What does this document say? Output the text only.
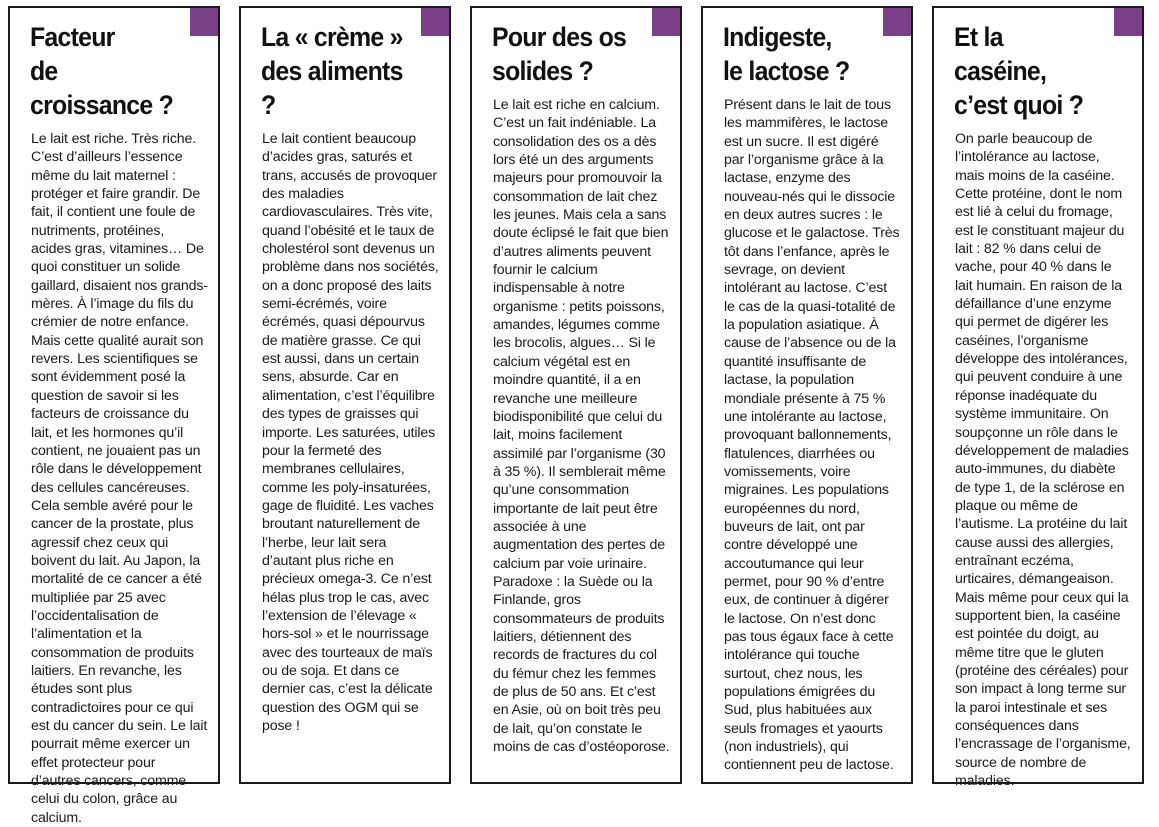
Facteur
de croissance ?
Le lait est riche. Très riche. C’est d’ailleurs l’essence même du lait maternel : protéger et faire grandir. De fait, il contient une foule de nutriments, protéines, acides gras, vitamines… De quoi constituer un solide gaillard, disaient nos grands-mères. À l’image du fils du crémier de notre enfance. Mais cette qualité aurait son revers. Les scientifiques se sont évidemment posé la question de savoir si les facteurs de croissance du lait, et les hormones qu’il contient, ne jouaient pas un rôle dans le développement des cellules cancéreuses. Cela semble avéré pour le cancer de la prostate, plus agressif chez ceux qui boivent du lait. Au Japon, la mortalité de ce cancer a été multipliée par 25 avec l’occidentalisation de l’alimentation et la consommation de produits laitiers. En revanche, les études sont plus contradictoires pour ce qui est du cancer du sein. Le lait pourrait même exercer un effet protecteur pour d’autres cancers, comme celui du colon, grâce au calcium.
La « crème »
des aliments ?
Le lait contient beaucoup d’acides gras, saturés et trans, accusés de provoquer des maladies cardiovasculaires. Très vite, quand l’obésité et le taux de cholestérol sont devenus un problème dans nos sociétés, on a donc proposé des laits semi-écrémés, voire écrémés, quasi dépourvus de matière grasse. Ce qui est aussi, dans un certain sens, absurde. Car en alimentation, c’est l’équilibre des types de graisses qui importe. Les saturées, utiles pour la fermeté des membranes cellulaires, comme les poly-insaturées, gage de fluidité. Les vaches broutant naturellement de l’herbe, leur lait sera d’autant plus riche en précieux omega-3. Ce n’est hélas plus trop le cas, avec l’extension de l’élevage « hors-sol » et le nourrissage avec des tourteaux de maïs ou de soja. Et dans ce dernier cas, c’est la délicate question des OGM qui se pose !
Pour des os
solides ?
Le lait est riche en calcium. C’est un fait indéniable. La consolidation des os a dès lors été un des arguments majeurs pour promouvoir la consommation de lait chez les jeunes. Mais cela a sans doute éclipsé le fait que bien d’autres aliments peuvent fournir le calcium indispensable à notre organisme : petits poissons, amandes, légumes comme les brocolis, algues… Si le calcium végétal est en moindre quantité, il a en revanche une meilleure biodisponibilité que celui du lait, moins facilement assimilé par l’organisme (30 à 35 %). Il semblerait même qu’une consommation importante de lait peut être associée à une augmentation des pertes de calcium par voie urinaire. Paradoxe : la Suède ou la Finlande, gros consommateurs de produits laitiers, détiennent des records de fractures du col du fémur chez les femmes de plus de 50 ans. Et c’est en Asie, où on boit très peu de lait, qu’on constate le moins de cas d’ostéoporose.
Indigeste,
le lactose ?
Présent dans le lait de tous les mammifères, le lactose est un sucre. Il est digéré par l’organisme grâce à la lactase, enzyme des nouveau-nés qui le dissocie en deux autres sucres : le glucose et le galactose. Très tôt dans l’enfance, après le sevrage, on devient intolérant au lactose. C’est le cas de la quasi-totalité de la population asiatique. À cause de l’absence ou de la quantité insuffisante de lactase, la population mondiale présente à 75 % une intolérante au lactose, provoquant ballonnements, flatulences, diarrhées ou vomissements, voire migraines. Les populations européennes du nord, buveurs de lait, ont par contre développé une accoutumance qui leur permet, pour 90 % d’entre eux, de continuer à digérer le lactose. On n’est donc pas tous égaux face à cette intolérance qui touche surtout, chez nous, les populations émigrées du Sud, plus habituées aux seuls fromages et yaourts (non industriels), qui contiennent peu de lactose.
Et la caséine,
c’est quoi ?
On parle beaucoup de l’intolérance au lactose, mais moins de la caséine. Cette protéine, dont le nom est lié à celui du fromage, est le constituant majeur du lait : 82 % dans celui de vache, pour 40 % dans le lait humain. En raison de la défaillance d’une enzyme qui permet de digérer les caséines, l’organisme développe des intolérances, qui peuvent conduire à une réponse inadéquate du système immunitaire. On soupçonne un rôle dans le développement de maladies auto-immunes, du diabète de type 1, de la sclérose en plaque ou même de l’autisme. La protéine du lait cause aussi des allergies, entraînant eczéma, urticaires, démangeaison. Mais même pour ceux qui la supportent bien, la caséine est pointée du doigt, au même titre que le gluten (protéine des céréales) pour son impact à long terme sur la paroi intestinale et ses conséquences dans l’encrassage de l’organisme, source de nombre de maladies.
